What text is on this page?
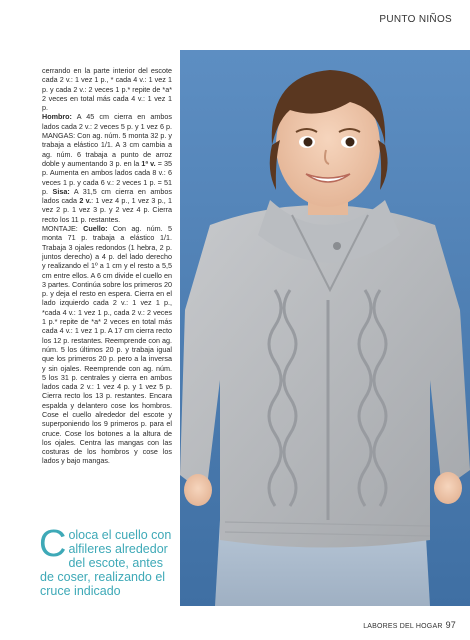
PUNTO NIÑOS

cerrando en la parte interior del escote cada 2 v.: 1 vez 1 p., * cada 4 v.: 1 vez 1 p. y cada 2 v.: 2 veces 1 p.* repite de *a* 2 veces en total más cada 4 v.: 1 vez 1 p.

Hombro: A 45 cm cierra en ambos lados cada 2 v.: 2 veces 5 p. y 1 vez 6 p. MANGAS: Con ag. núm. 5 monta 32 p. y trabaja a elástico 1/1. A 3 cm cambia a ag. núm. 6 trabaja a punto de arroz doble y aumentando 3 p. en la 1ª v. = 35 p. Aumenta en ambos lados cada 8 v.: 6 veces 1 p. y cada 6 v.: 2 veces 1 p. = 51 p. Sisa: A 31,5 cm cierra en ambos lados cada 2 v.: 1 vez 4 p., 1 vez 3 p., 1 vez 2 p. 1 vez 3 p. y 2 vez 4 p. Cierra recto los 11 p. restantes.

MONTAJE: Cuello: Con ag. núm. 5 monta 71 p. trabaja a elástico 1/1. Trabaja 3 ojales redondos (1 hebra, 2 p. juntos derecho) a 4 p. del lado derecho y realizando el 1º a 1 cm y el resto a 5,5 cm entre ellos. A 6 cm divide el cuello en 3 partes. Continúa sobre los primeros 20 p. y deja el resto en espera. Cierra en el lado izquierdo cada 2 v.: 1 vez 1 p., *cada 4 v.: 1 vez 1 p., cada 2 v.: 2 veces 1 p.* repite de *a* 2 veces en total más cada 4 v.: 1 vez 1 p. A 17 cm cierra recto los 12 p. restantes. Reemprende con ag. núm. 5 los últimos 20 p. y trabaja igual que los primeros 20 p. pero a la inversa y sin ojales. Reemprende con ag. núm. 5 los 31 p. centrales y cierra en ambos lados cada 2 v.: 1 vez 4 p. y 1 vez 5 p. Cierra recto los 13 p. restantes. Encara espalda y delantero cose los hombros. Cose el cuello alrededor del escote y superponiendo los 9 primeros p. para el cruce. Cose los botones a la altura de los ojales. Centra las mangas con las costuras de los hombros y cose los lados y bajo mangas.

Coloca el cuello con alfileres alrededor del escote, antes de coser, realizando el cruce indicado
LABORES DEL HOGAR 97
